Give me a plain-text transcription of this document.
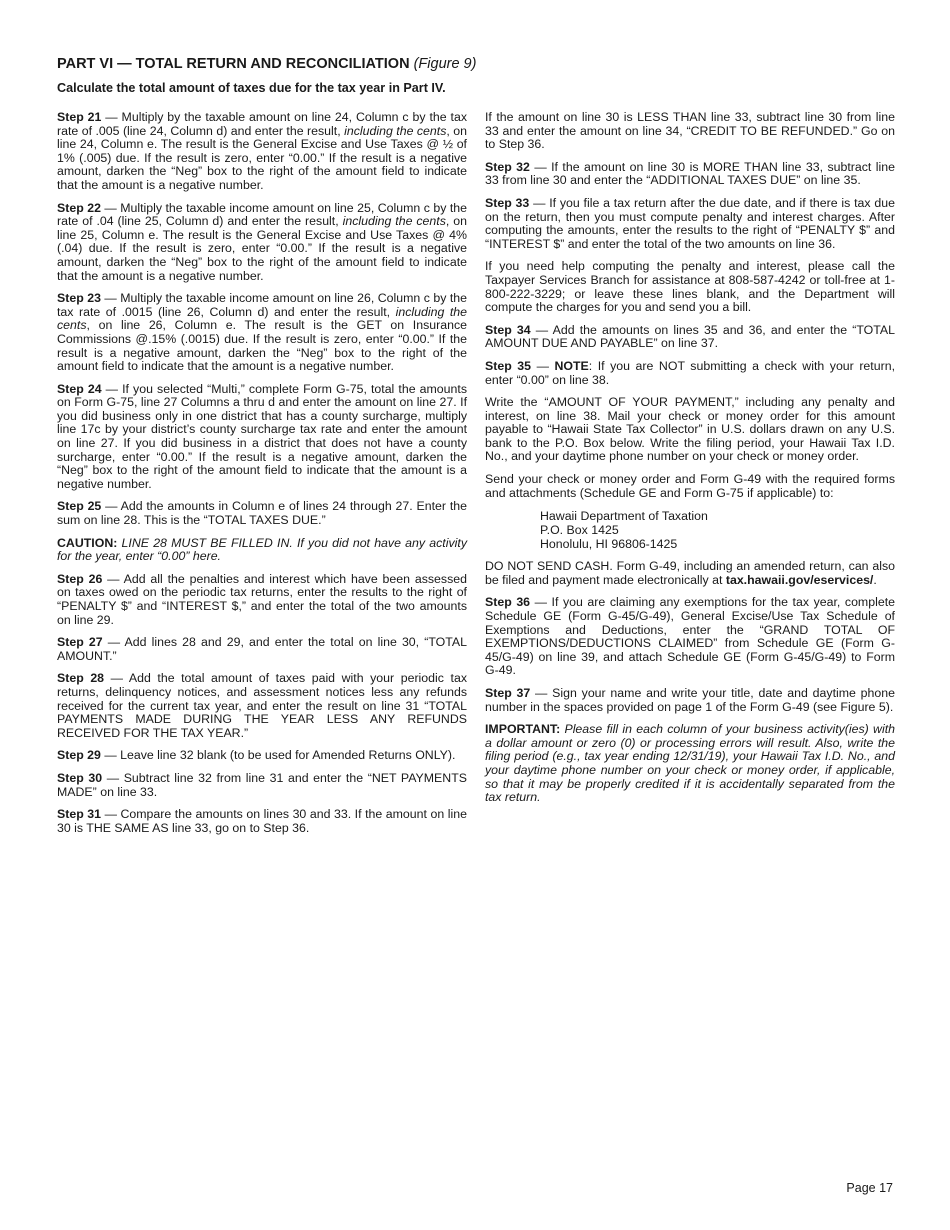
PART VI — TOTAL RETURN AND RECONCILIATION (Figure 9)

Calculate the total amount of taxes due for the tax year in Part IV.

Step 21 — Multiply by the taxable amount on line 24, Column c by the tax rate of .005 (line 24, Column d) and enter the result, including the cents, on line 24, Column e. The result is the General Excise and Use Taxes @ ½ of 1% (.005) due. If the result is zero, enter “0.00.” If the result is a negative amount, darken the “Neg” box to the right of the amount field to indicate that the amount is a negative number.

Step 22 — Multiply the taxable income amount on line 25, Column c by the rate of .04 (line 25, Column d) and enter the result, including the cents, on line 25, Column e. The result is the General Excise and Use Taxes @ 4% (.04) due. If the result is zero, enter “0.00.” If the result is a negative amount, darken the “Neg” box to the right of the amount field to indicate that the amount is a negative number.

Step 23 — Multiply the taxable income amount on line 26, Column c by the tax rate of .0015 (line 26, Column d) and enter the result, including the cents, on line 26, Column e. The result is the GET on Insurance Commissions @.15% (.0015) due. If the result is zero, enter “0.00.” If the result is a negative amount, darken the “Neg” box to the right of the amount field to indicate that the amount is a negative number.

Step 24 — If you selected “Multi,” complete Form G-75, total the amounts on Form G-75, line 27 Columns a thru d and enter the amount on line 27. If you did business only in one district that has a county surcharge, multiply line 17c by your district’s county surcharge tax rate and enter the amount on line 27. If you did business in a district that does not have a county surcharge, enter “0.00.” If the result is a negative amount, darken the “Neg” box to the right of the amount field to indicate that the amount is a negative number.

Step 25 — Add the amounts in Column e of lines 24 through 27. Enter the sum on line 28. This is the “TOTAL TAXES DUE.”

CAUTION: LINE 28 MUST BE FILLED IN. If you did not have any activity for the year, enter “0.00” here.

Step 26 — Add all the penalties and interest which have been assessed on taxes owed on the periodic tax returns, enter the results to the right of “PENALTY $” and “INTEREST $,” and enter the total of the two amounts on line 29.

Step 27 — Add lines 28 and 29, and enter the total on line 30, “TOTAL AMOUNT.”

Step 28 — Add the total amount of taxes paid with your periodic tax returns, delinquency notices, and assessment notices less any refunds received for the current tax year, and enter the result on line 31 “TOTAL PAYMENTS MADE DURING THE YEAR LESS ANY REFUNDS RECEIVED FOR THE TAX YEAR.”

Step 29 — Leave line 32 blank (to be used for Amended Returns ONLY).

Step 30 — Subtract line 32 from line 31 and enter the “NET PAYMENTS MADE” on line 33.

Step 31 — Compare the amounts on lines 30 and 33. If the amount on line 30 is THE SAME AS line 33, go on to Step 36.

If the amount on line 30 is LESS THAN line 33, subtract line 30 from line 33 and enter the amount on line 34, “CREDIT TO BE REFUNDED.” Go on to Step 36.

Step 32 — If the amount on line 30 is MORE THAN line 33, subtract line 33 from line 30 and enter the “ADDITIONAL TAXES DUE” on line 35.

Step 33 — If you file a tax return after the due date, and if there is tax due on the return, then you must compute penalty and interest charges. After computing the amounts, enter the results to the right of “PENALTY $” and “INTEREST $” and enter the total of the two amounts on line 36.

If you need help computing the penalty and interest, please call the Taxpayer Services Branch for assistance at 808-587-4242 or toll-free at 1-800-222-3229; or leave these lines blank, and the Department will compute the charges for you and send you a bill.

Step 34 — Add the amounts on lines 35 and 36, and enter the “TOTAL AMOUNT DUE AND PAYABLE” on line 37.

Step 35 — NOTE: If you are NOT submitting a check with your return, enter “0.00” on line 38.

Write the “AMOUNT OF YOUR PAYMENT,” including any penalty and interest, on line 38. Mail your check or money order for this amount payable to “Hawaii State Tax Collector” in U.S. dollars drawn on any U.S. bank to the P.O. Box below. Write the filing period, your Hawaii Tax I.D. No., and your daytime phone number on your check or money order.

Send your check or money order and Form G-49 with the required forms and attachments (Schedule GE and Form G-75 if applicable) to:

Hawaii Department of Taxation
P.O. Box 1425
Honolulu, HI 96806-1425

DO NOT SEND CASH. Form G-49, including an amended return, can also be filed and payment made electronically at tax.hawaii.gov/eservices/.

Step 36 — If you are claiming any exemptions for the tax year, complete Schedule GE (Form G-45/G-49), General Excise/Use Tax Schedule of Exemptions and Deductions, enter the “GRAND TOTAL OF EXEMPTIONS/DEDUCTIONS CLAIMED” from Schedule GE (Form G-45/G-49) on line 39, and attach Schedule GE (Form G-45/G-49) to Form G-49.

Step 37 — Sign your name and write your title, date and daytime phone number in the spaces provided on page 1 of the Form G-49 (see Figure 5).

IMPORTANT: Please fill in each column of your business activity(ies) with a dollar amount or zero (0) or processing errors will result. Also, write the filing period (e.g., tax year ending 12/31/19), your Hawaii Tax I.D. No., and your daytime phone number on your check or money order, if applicable, so that it may be properly credited if it is accidentally separated from the tax return.

Page 17
